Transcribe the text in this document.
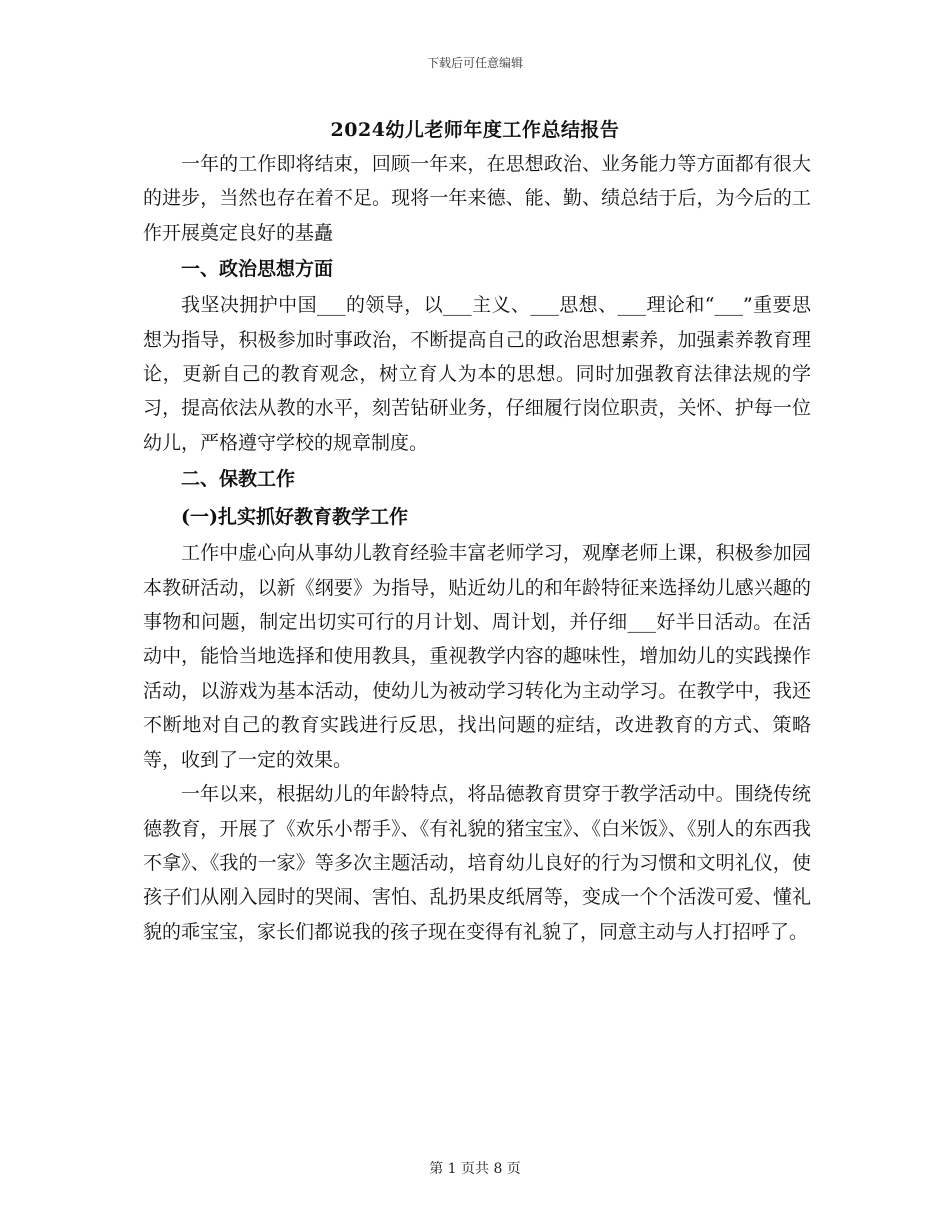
下载后可任意编辑
2024幼儿老师年度工作总结报告

一年的工作即将结束，回顾一年来，在思想政治、业务能力等方面都有很大的进步，当然也存在着不足。现将一年来德、能、勤、绩总结于后，为今后的工作开展奠定良好的基矗

一、政治思想方面

我坚决拥护中国___的领导，以___主义、___思想、___理论和“___”重要思想为指导，积极参加时事政治，不断提高自己的政治思想素养，加强素养教育理论，更新自己的教育观念，树立育人为本的思想。同时加强教育法律法规的学习，提高依法从教的水平，刻苦钻研业务，仔细履行岗位职责，关怀、护每一位幼儿，严格遵守学校的规章制度。

二、保教工作
(一)扎实抓好教育教学工作

工作中虚心向从事幼儿教育经验丰富老师学习，观摩老师上课，积极参加园本教研活动，以新《纲要》为指导，贴近幼儿的和年龄特征来选择幼儿感兴趣的事物和问题，制定出切实可行的月计划、周计划，并仔细___好半日活动。在活动中，能恰当地选择和使用教具，重视教学内容的趣味性，增加幼儿的实践操作活动，以游戏为基本活动，使幼儿为被动学习转化为主动学习。在教学中，我还不断地对自己的教育实践进行反思，找出问题的症结，改进教育的方式、策略等，收到了一定的效果。

一年以来，根据幼儿的年龄特点，将品德教育贯穿于教学活动中。围绕传统德教育，开展了《欢乐小帮手》、《有礼貌的猪宝宝》、《白米饭》、《别人的东西我不拿》、《我的一家》等多次主题活动，培育幼儿良好的行为习惯和文明礼仪，使孩子们从刚入园时的哭闹、害怕、乱扔果皮纸屑等，变成一个个活泼可爱、懂礼貌的乖宝宝，家长们都说我的孩子现在变得有礼貌了，同意主动与人打招呼了。

第 1 页共 8 页
